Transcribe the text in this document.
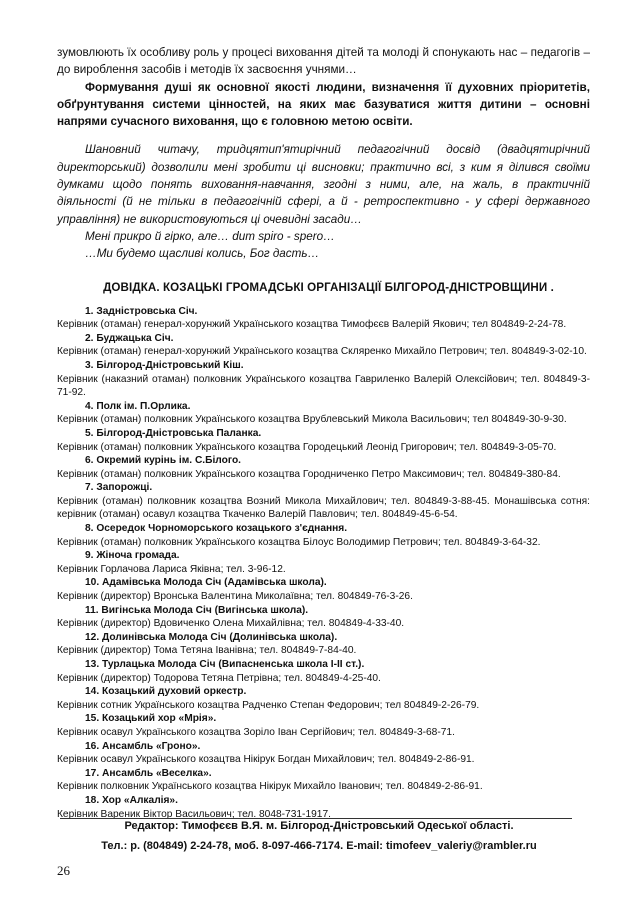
зумовлюють їх особливу роль у процесі виховання дітей та молоді й спонукають нас – педагогів – до вироблення засобів і методів їх засвоєння учнями…

Формування душі як основної якості людини, визначення її духовних пріоритетів, обґрунтування системи цінностей, на яких має базуватися життя дитини – основні напрями сучасного виховання, що є головною метою освіти.

Шановний читачу, тридцятип'ятирічний педагогічний досвід (двадцятирічний директорський) дозволили мені зробити ці висновки; практично всі, з ким я ділився своїми думками щодо понять виховання-навчання, згодні з ними, але, на жаль, в практичній діяльності (й не тільки в педагогічній сфері, а й - ретроспективно - у сфері державного управління) не використовуються ці очевидні засади…

Мені прикро й гірко, але… dum spiro - spero…

…Ми будемо щасливі колись, Бог дасть…

ДОВІДКА. КОЗАЦЬКІ ГРОМАДСЬКІ ОРГАНІЗАЦІЇ БІЛГОРОД-ДНІСТРОВЩИНИ .

1. Задністровська Січ.

Керівник (отаман) генерал-хорунжий Українського козацтва Тимофєєв Валерій Якович; тел 804849-2-24-78.

2. Буджацька Січ.

Керівник (отаман) генерал-хорунжий Українського козацтва Скляренко Михайло Петрович; тел. 804849-3-02-10.

3. Білгород-Дністровський Кіш.

Керівник (наказний отаман) полковник Українського козацтва Гавриленко Валерій Олексійович; тел. 804849-3-71-92.

4. Полк ім. П.Орлика.

Керівник (отаман) полковник Українського козацтва Врублевський Микола Васильович; тел 804849-30-9-30.

5. Білгород-Дністровська Паланка.

Керівник (отаман) полковник Українського козацтва Городецький Леонід Григорович; тел. 804849-3-05-70.

6. Окремий курінь ім. С.Білого.

Керівник (отаман) полковник Українського козацтва Городниченко Петро Максимович; тел. 804849-380-84.

7. Запорожці.

Керівник (отаман) полковник козацтва Возний Микола Михайлович; тел. 804849-3-88-45. Монашівська сотня: керівник (отаман) осавул козацтва Ткаченко Валерій Павлович; тел. 804849-45-6-54.

8. Осередок Чорноморського козацького з'єднання.

Керівник (отаман) полковник Українського козацтва Білоус Володимир Петрович; тел. 804849-3-64-32.

9. Жіноча громада.

Керівник Горлачова Лариса Яківна; тел. 3-96-12.

10. Адамівська Молода Січ (Адамівська школа).

Керівник (директор) Вронська Валентина Миколаївна; тел. 804849-76-3-26.

11. Вигінська Молода Січ (Вигінська школа).

Керівник (директор) Вдовиченко Олена Михайлівна; тел. 804849-4-33-40.

12. Долинівська Молода Січ (Долинівська школа).

Керівник (директор) Тома Тетяна Іванівна; тел. 804849-7-84-40.

13. Турлацька Молода Січ (Випасненська школа І-ІІ ст.).

Керівник (директор) Тодорова Тетяна Петрівна; тел. 804849-4-25-40.

14. Козацький духовий оркестр.

Керівник сотник Українського козацтва Радченко Степан Федорович; тел 804849-2-26-79.

15. Козацький хор «Мрія».

Керівник осавул Українського козацтва Зоріло Іван Сергійович; тел. 804849-3-68-71.

16. Ансамбль «Гроно».

Керівник осавул Українського козацтва Нікірук Богдан Михайлович; тел. 804849-2-86-91.

17. Ансамбль «Веселка».

Керівник полковник Українського козацтва Нікірук Михайло Іванович; тел. 804849-2-86-91.

18. Хор «Алкалія».

Керівник Вареник Віктор Васильович; тел. 8048-731-1917.

Редактор: Тимофєєв В.Я. м. Білгород-Дністровський Одеської області.

Тел.: р. (804849) 2-24-78, моб. 8-097-466-7174. E-mail: timofeev_valeriy@rambler.ru

26
